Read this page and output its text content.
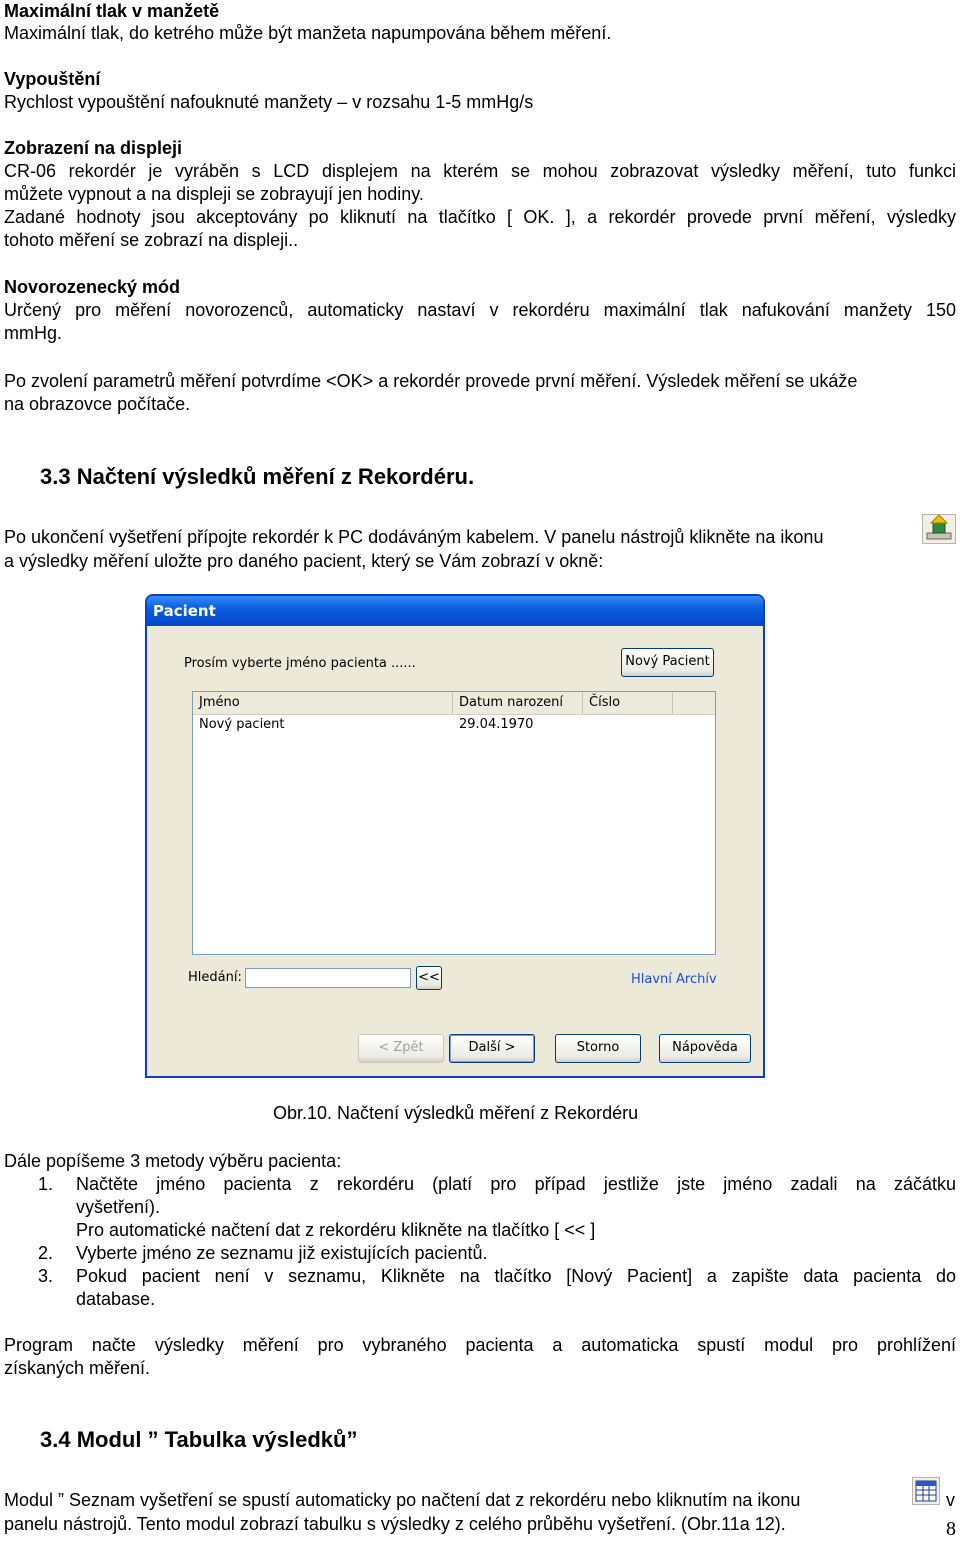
Maximální tlak v manžetě
Maximální tlak, do ketrého může být manžeta napumpována během měření.
Vypouštění
Rychlost vypouštění nafouknuté manžety – v rozsahu 1-5 mmHg/s
Zobrazení na displeji
CR-06 rekordér je vyráběn s LCD displejem na kterém se mohou zobrazovat výsledky měření, tuto funkci
můžete vypnout a na displeji se zobrayují jen hodiny.
Zadané hodnoty jsou akceptovány po kliknutí na tlačítko [ OK. ], a rekordér provede první měření, výsledky
tohoto měření se zobrazí na displeji..
Novorozenecký mód
Určený pro měření novorozenců, automaticky nastaví v rekordéru maximální tlak nafukování manžety 150
mmHg.
Po zvolení parametrů měření potvrdíme <OK> a rekordér provede první měření. Výsledek měření se ukáže
na obrazovce počítače.
3.3 Načtení výsledků měření z Rekordéru.
Po ukončení vyšetření přípojte rekordér k PC dodáváným kabelem. V panelu nástrojů klikněte na ikonu
a výsledky měření uložte pro daného pacient, který se Vám zobrazí v okně:
Pacient
Prosím vyberte jméno pacienta ......	Nový Pacient
Jméno	Datum narození	Číslo
Nový pacient	29.04.1970
Hledání:	<<	Hlavní Archív
< Zpět	Další >	Storno	Nápověda
Obr.10. Načtení výsledků měření z Rekordéru
Dále popíšeme 3 metody výběru pacienta:
1. Načtěte jméno pacienta z rekordéru (platí pro případ jestliže jste jméno zadali na záčátku
vyšetření).
Pro automatické načtení dat z rekordéru klikněte na tlačítko [ << ]
2. Vyberte jméno ze seznamu již existujících pacientů.
3. Pokud pacient není v seznamu, Klikněte na tlačítko [Nový Pacient] a zapište data pacienta do
database.
Program načte výsledky měření pro vybraného pacienta a automaticka spustí modul pro prohlížení
získaných měření.
3.4 Modul ” Tabulka výsledků”
Modul ” Seznam vyšetření se spustí automaticky po načtení dat z rekordéru nebo kliknutím na ikonu	v
panelu nástrojů. Tento modul zobrazí tabulku s výsledky z celého průběhu vyšetření. (Obr.11a 12).	8
